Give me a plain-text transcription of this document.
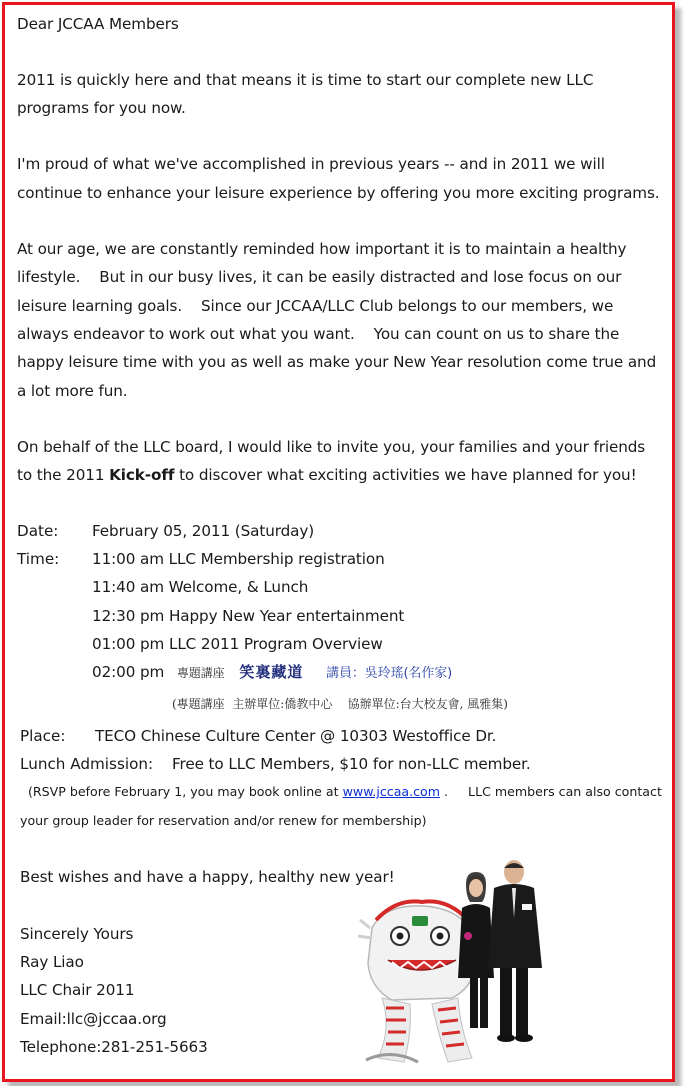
Dear JCCAA Members
2011 is quickly here and that means it is time to start our complete new LLC
programs for you now.
I'm proud of what we've accomplished in previous years -- and in 2011 we will
continue to enhance your leisure experience by offering you more exciting programs.
At our age, we are constantly reminded how important it is to maintain a healthy
lifestyle.    But in our busy lives, it can be easily distracted and lose focus on our
leisure learning goals.    Since our JCCAA/LLC Club belongs to our members, we
always endeavor to work out what you want.    You can count on us to share the
happy leisure time with you as well as make your New Year resolution come true and
a lot more fun.
On behalf of the LLC board, I would like to invite you, your families and your friends
to the 2011 Kick-off to discover what exciting activities we have planned for you!
Date: February 05, 2011 (Saturday)
Time: 11:00 am LLC Membership registration
11:40 am Welcome, & Lunch
12:30 pm Happy New Year entertainment
01:00 pm LLC 2011 Program Overview
02:00 pm 專題講座 笑裏藏道 講員：吳玲瑤(名作家)
(專題講座  主辦單位:僑教中心    協辦單位:台大校友會, 風雅集)
Place: TECO Chinese Culture Center @ 10303 Westoffice Dr.
Lunch Admission: Free to LLC Members, $10 for non-LLC member.
(RSVP before February 1, you may book online at www.jccaa.com .     LLC members can also contact
your group leader for reservation and/or renew for membership)
Best wishes and have a happy, healthy new year!
Sincerely Yours
Ray Liao
LLC Chair 2011
Email:llc@jccaa.org
Telephone:281-251-5663
